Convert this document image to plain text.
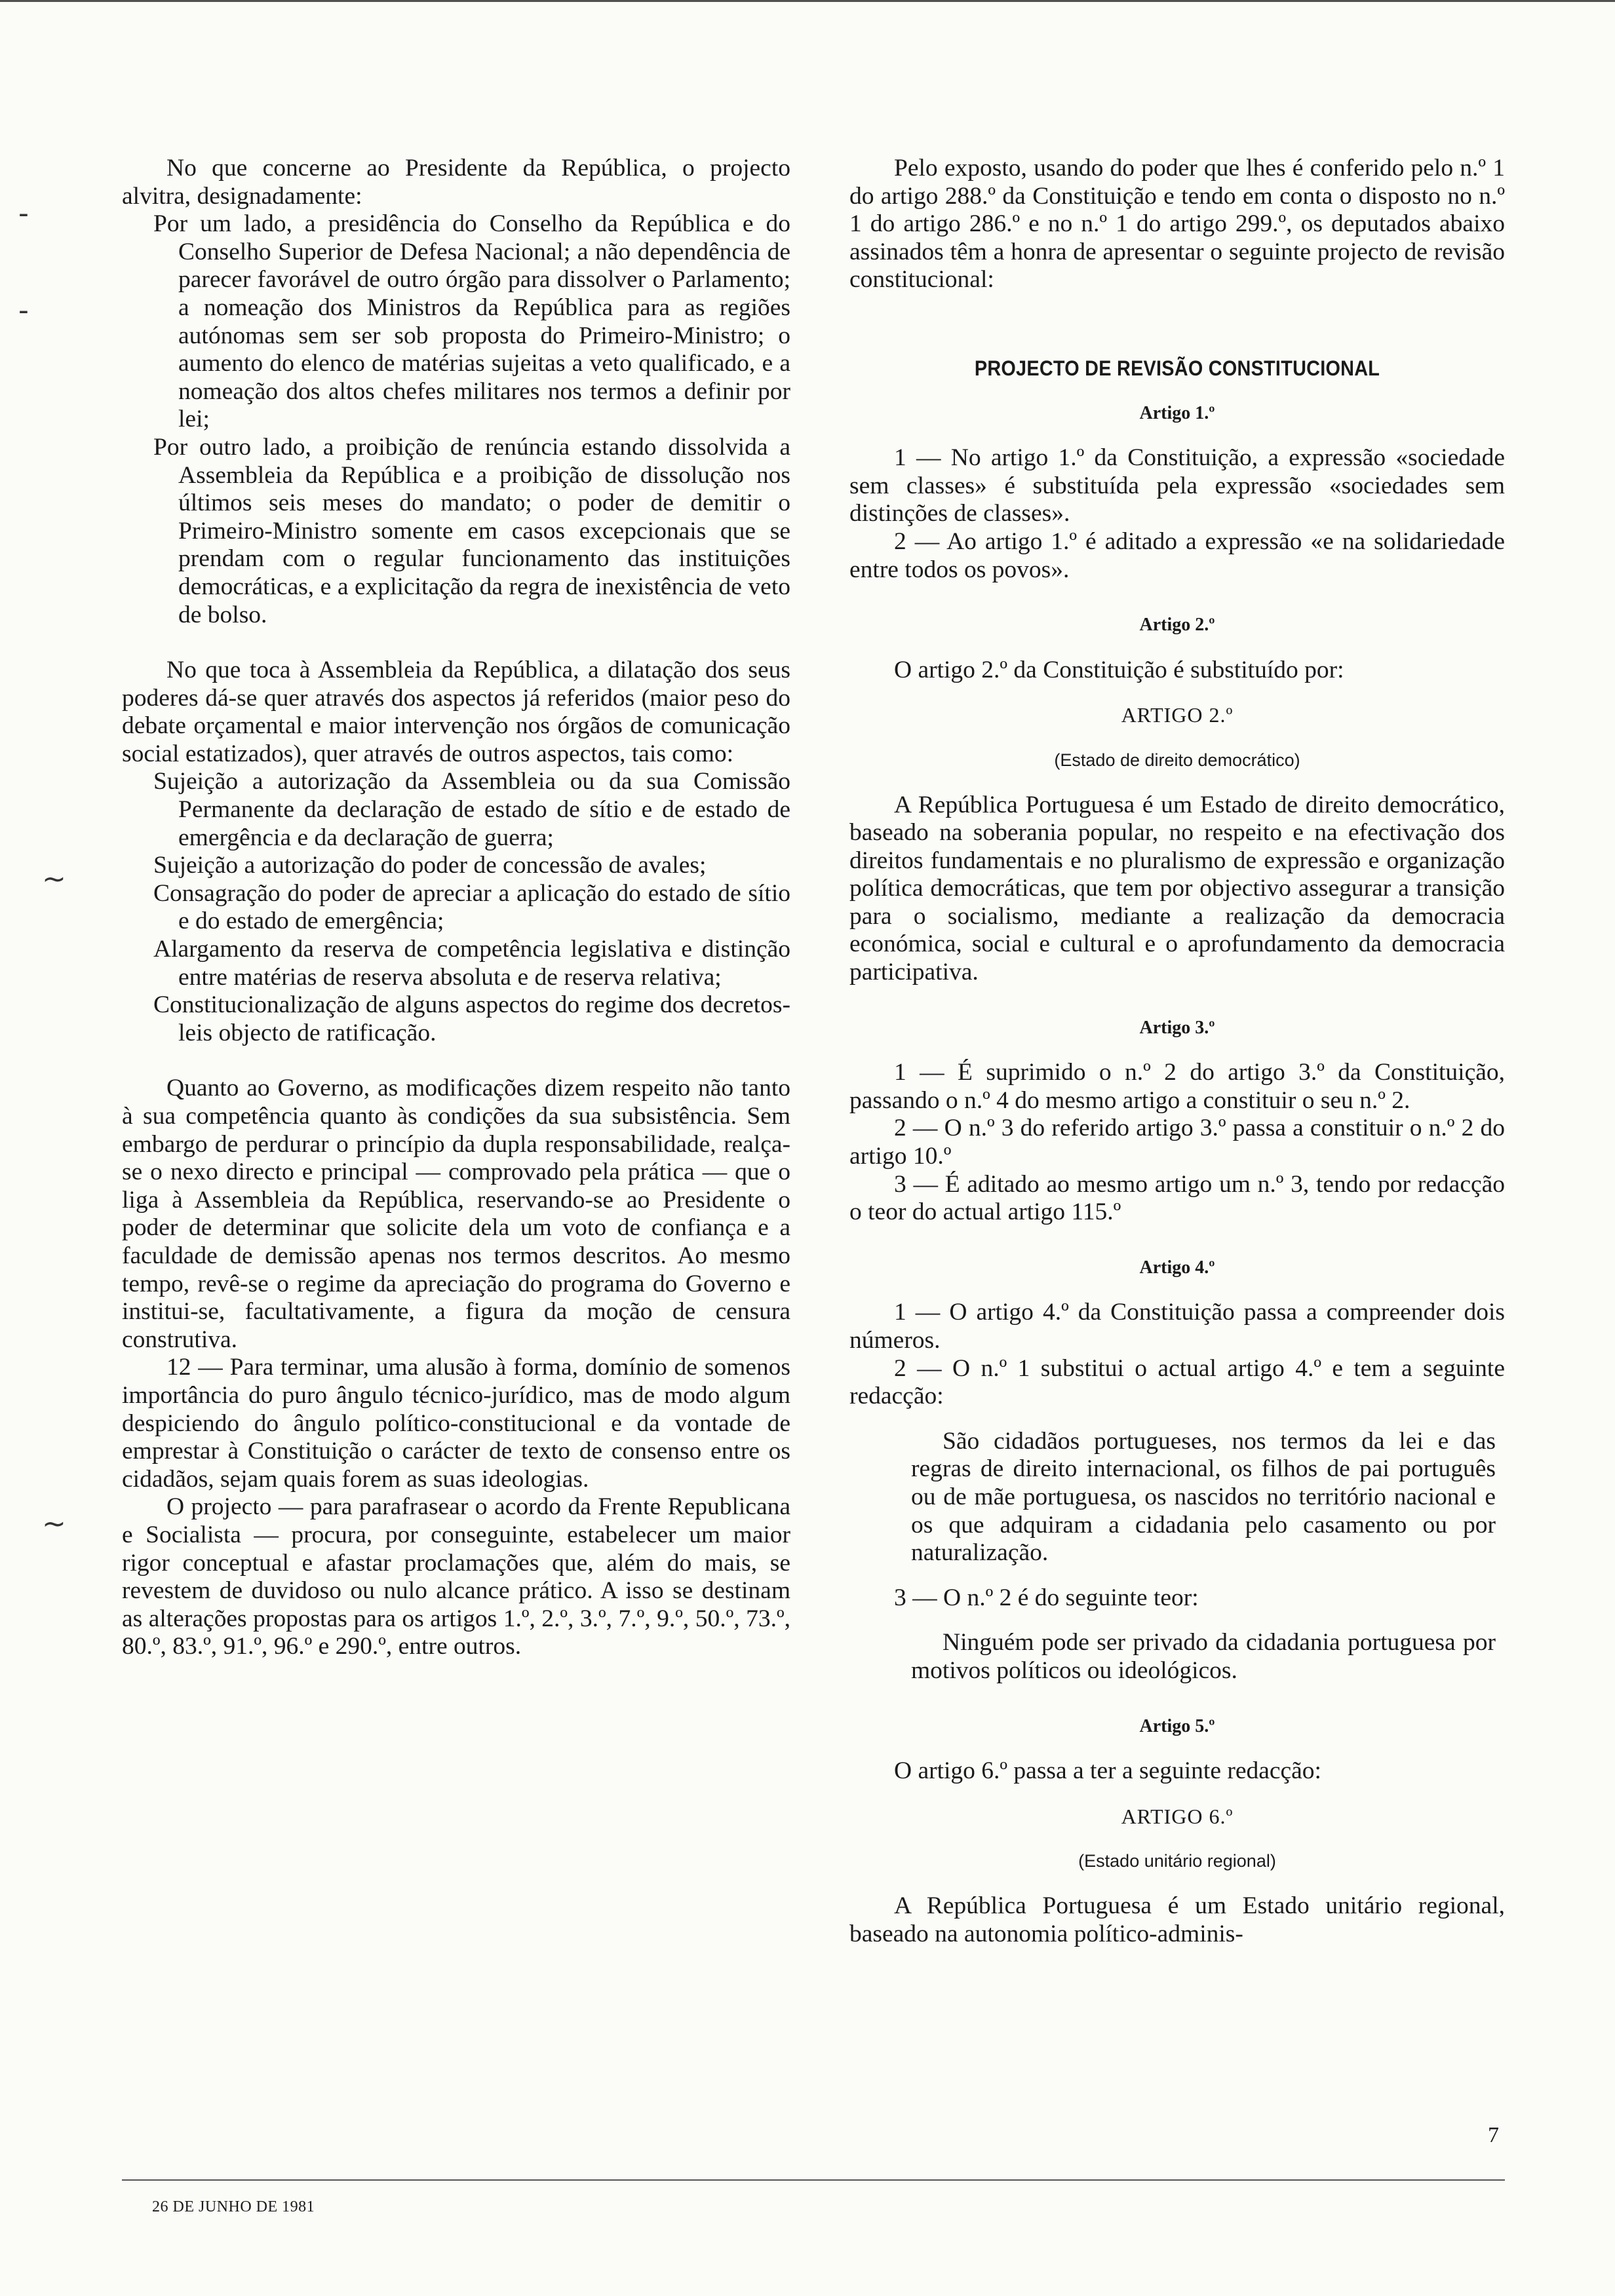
-
-
~
~

No que concerne ao Presidente da República, o projecto alvitra, designadamente:

Por um lado, a presidência do Conselho da República e do Conselho Superior de Defesa Nacional; a não dependência de parecer favorável de outro órgão para dissolver o Parlamento; a nomeação dos Ministros da República para as regiões autónomas sem ser sob proposta do Primeiro-Ministro; o aumento do elenco de matérias sujeitas a veto qualificado, e a nomeação dos altos chefes militares nos termos a definir por lei;
Por outro lado, a proibição de renúncia estando dissolvida a Assembleia da República e a proibição de dissolução nos últimos seis meses do mandato; o poder de demitir o Primeiro-Ministro somente em casos excepcionais que se prendam com o regular funcionamento das instituições democráticas, e a explicitação da regra de inexistência de veto de bolso.

No que toca à Assembleia da República, a dilatação dos seus poderes dá-se quer através dos aspectos já referidos (maior peso do debate orçamental e maior intervenção nos órgãos de comunicação social estatizados), quer através de outros aspectos, tais como:

Sujeição a autorização da Assembleia ou da sua Comissão Permanente da declaração de estado de sítio e de estado de emergência e da declaração de guerra;
Sujeição a autorização do poder de concessão de avales;
Consagração do poder de apreciar a aplicação do estado de sítio e do estado de emergência;
Alargamento da reserva de competência legislativa e distinção entre matérias de reserva absoluta e de reserva relativa;
Constitucionalização de alguns aspectos do regime dos decretos-leis objecto de ratificação.

Quanto ao Governo, as modificações dizem respeito não tanto à sua competência quanto às condições da sua subsistência. Sem embargo de perdurar o princípio da dupla responsabilidade, realça-se o nexo directo e principal — comprovado pela prática — que o liga à Assembleia da República, reservando-se ao Presidente o poder de determinar que solicite dela um voto de confiança e a faculdade de demissão apenas nos termos descritos. Ao mesmo tempo, revê-se o regime da apreciação do programa do Governo e institui-se, facultativamente, a figura da moção de censura construtiva.

12 — Para terminar, uma alusão à forma, domínio de somenos importância do puro ângulo técnico-jurídico, mas de modo algum despiciendo do ângulo político-constitucional e da vontade de emprestar à Constituição o carácter de texto de consenso entre os cidadãos, sejam quais forem as suas ideologias.

O projecto — para parafrasear o acordo da Frente Republicana e Socialista — procura, por conseguinte, estabelecer um maior rigor conceptual e afastar proclamações que, além do mais, se revestem de duvidoso ou nulo alcance prático. A isso se destinam as alterações propostas para os artigos 1.º, 2.º, 3.º, 7.º, 9.º, 50.º, 73.º, 80.º, 83.º, 91.º, 96.º e 290.º, entre outros.

Pelo exposto, usando do poder que lhes é conferido pelo n.º 1 do artigo 288.º da Constituição e tendo em conta o disposto no n.º 1 do artigo 286.º e no n.º 1 do artigo 299.º, os deputados abaixo assinados têm a honra de apresentar o seguinte projecto de revisão constitucional:

PROJECTO DE REVISÃO CONSTITUCIONAL

Artigo 1.º

1 — No artigo 1.º da Constituição, a expressão «sociedade sem classes» é substituída pela expressão «sociedades sem distinções de classes».

2 — Ao artigo 1.º é aditado a expressão «e na solidariedade entre todos os povos».

Artigo 2.º

O artigo 2.º da Constituição é substituído por:

ARTIGO 2.º

(Estado de direito democrático)

A República Portuguesa é um Estado de direito democrático, baseado na soberania popular, no respeito e na efectivação dos direitos fundamentais e no pluralismo de expressão e organização política democráticas, que tem por objectivo assegurar a transição para o socialismo, mediante a realização da democracia económica, social e cultural e o aprofundamento da democracia participativa.

Artigo 3.º

1 — É suprimido o n.º 2 do artigo 3.º da Constituição, passando o n.º 4 do mesmo artigo a constituir o seu n.º 2.

2 — O n.º 3 do referido artigo 3.º passa a constituir o n.º 2 do artigo 10.º

3 — É aditado ao mesmo artigo um n.º 3, tendo por redacção o teor do actual artigo 115.º

Artigo 4.º

1 — O artigo 4.º da Constituição passa a compreender dois números.

2 — O n.º 1 substitui o actual artigo 4.º e tem a seguinte redacção:

São cidadãos portugueses, nos termos da lei e das regras de direito internacional, os filhos de pai português ou de mãe portuguesa, os nascidos no território nacional e os que adquiram a cidadania pelo casamento ou por naturalização.

3 — O n.º 2 é do seguinte teor:

Ninguém pode ser privado da cidadania portuguesa por motivos políticos ou ideológicos.

Artigo 5.º

O artigo 6.º passa a ter a seguinte redacção:

ARTIGO 6.º

(Estado unitário regional)

A República Portuguesa é um Estado unitário regional, baseado na autonomia político-adminis-

7
26 DE JUNHO DE 1981
